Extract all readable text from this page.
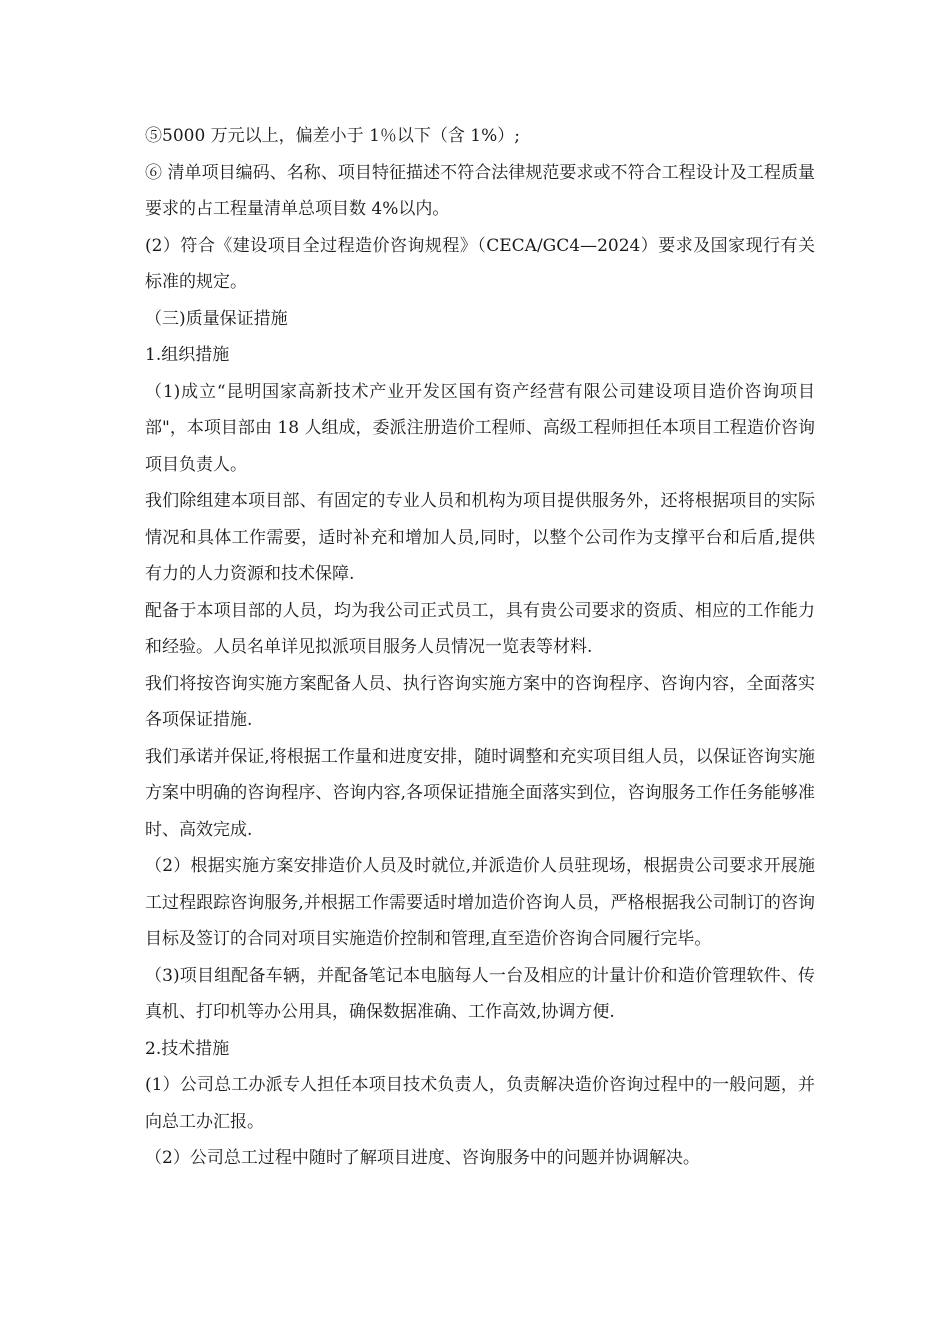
⑤5000 万元以上，偏差小于 1％以下（含 1%）;

⑥ 清单项目编码、名称、项目特征描述不符合法律规范要求或不符合工程设计及工程质量要求的占工程量清单总项目数 4%以内。

(2）符合《建设项目全过程造价咨询规程》（CECA/GC4—2024）要求及国家现行有关标准的规定。

（三)质量保证措施

1.组织措施

（1)成立“昆明国家高新技术产业开发区国有资产经营有限公司建设项目造价咨询项目部"，本项目部由 18 人组成，委派注册造价工程师、高级工程师担任本项目工程造价咨询项目负责人。

我们除组建本项目部、有固定的专业人员和机构为项目提供服务外，还将根据项目的实际情况和具体工作需要，适时补充和增加人员,同时，以整个公司作为支撑平台和后盾,提供有力的人力资源和技术保障.

配备于本项目部的人员，均为我公司正式员工，具有贵公司要求的资质、相应的工作能力和经验。人员名单详见拟派项目服务人员情况一览表等材料.

我们将按咨询实施方案配备人员、执行咨询实施方案中的咨询程序、咨询内容，全面落实各项保证措施.

我们承诺并保证,将根据工作量和进度安排，随时调整和充实项目组人员，以保证咨询实施方案中明确的咨询程序、咨询内容,各项保证措施全面落实到位，咨询服务工作任务能够准时、高效完成.

（2）根据实施方案安排造价人员及时就位,并派造价人员驻现场，根据贵公司要求开展施工过程跟踪咨询服务,并根据工作需要适时增加造价咨询人员，严格根据我公司制订的咨询目标及签订的合同对项目实施造价控制和管理,直至造价咨询合同履行完毕。

（3)项目组配备车辆，并配备笔记本电脑每人一台及相应的计量计价和造价管理软件、传真机、打印机等办公用具，确保数据准确、工作高效,协调方便.

2.技术措施

(1）公司总工办派专人担任本项目技术负责人，负责解决造价咨询过程中的一般问题，并向总工办汇报。

（2）公司总工过程中随时了解项目进度、咨询服务中的问题并协调解决。
